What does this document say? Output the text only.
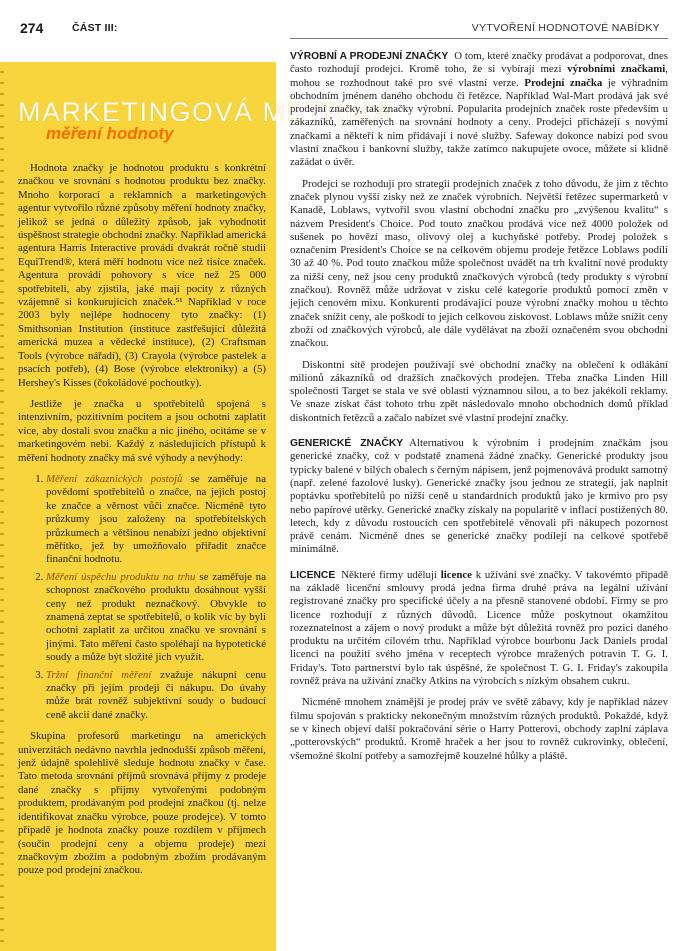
274	ČÁST III:	VYTVOŘENÍ HODNOTOVÉ NABÍDKY
MARKETINGOVÁ METRIKA
měření hodnoty

Hodnota značky je hodnotou produktu s konkrétní značkou ve srovnání s hodnotou produktu bez značky. Mnoho korporací a reklamních a marketingových agentur vytvořilo různé způsoby měření hodnoty značky, jelikož se jedná o důležitý způsob, jak vyhodnotit úspěšnost strategie obchodní značky. Například americká agentura Harris Interactive provádí dvakrát ročně studii EquiTrend®, která měří hodnotu více než tisíce značek. Agentura provádí pohovory s více než 25 000 spotřebiteli, aby zjistila, jaké mají pocity z různých vzájemně si konkurujících značek.⁵¹ Například v roce 2003 byly nejlépe hodnoceny tyto značky: (1) Smithsonian Institution (instituce zastřešující důležitá americká muzea a vědecké instituce), (2) Craftsman Tools (výrobce nářadí), (3) Crayola (výrobce pastelek a psacích potřeb), (4) Bose (výrobce elektroniky) a (5) Hershey's Kisses (čokoládové pochoutky).

Jestliže je značka u spotřebitelů spojená s intenzivním, pozitivním pocitem a jsou ochotni zaplatit více, aby dostali svou značku a nic jiného, ocitáme se v marketingovém nebi. Každý z následujících přístupů k měření hodnoty značky má své výhody a nevýhody:

1. Měření zákaznických postojů se zaměřuje na povědomí spotřebitelů o značce, na jejich postoj ke značce a věrnost vůči značce. Nicméně tyto průzkumy jsou založeny na spotřebitelských průzkumech a většinou nenabízí jedno objektivní měřítko, jež by umožňovalo přiřadit značce finanční hodnotu.
2. Měření úspěchu produktu na trhu se zaměřuje na schopnost značkového produktu dosáhnout vyšší ceny než produkt neznačkový. Obvykle to znamená zeptat se spotřebitelů, o kolik víc by byli ochotni zaplatit za určitou značku ve srovnání s jinými. Tato měření často spoléhají na hypotetické soudy a může být složité jich využít.
3. Tržní finanční měření zvažuje nákupní cenu značky při jejím prodeji či nákupu. Do úvahy může brát rovněž subjektivní soudy o budoucí ceně akcií dané značky.

Skupina profesorů marketingu na amerických univerzitách nedávno navrhla jednodušší způsob měření, jenž údajně spolehlivě sleduje hodnotu značky v čase. Tato metoda srovnání příjmů srovnává příjmy z prodeje dané značky s příjmy vytvořenými podobným produktem, prodávaným pod prodejní značkou (tj. nelze identifikovat značku výrobce, pouze prodejce). V tomto případě je hodnota značky pouze rozdílem v příjmech (součin prodejní ceny a objemu prodeje) mezi značkovým zbožím a podobným zbožím prodávaným pouze pod prodejní značkou.

VÝROBNÍ A PRODEJNÍ ZNAČKY O tom, které značky prodávat a podporovat, dnes často rozhodují prodejci. Kromě toho, že si vybírají mezi výrobními značkami, mohou se rozhodnout také pro své vlastní verze. Prodejní značka je výhradním obchodním jménem daného obchodu či řetězce. Například Wal-Mart prodává jak své prodejní značky, tak značky výrobní. Popularita prodejních značek roste především u zákazníků, zaměřených na srovnání hodnoty a ceny. Prodejci přicházejí s novými značkami a někteří k nim přidávají i nové služby. Safeway dokonce nabízí pod svou vlastní značkou i bankovní služby, takže zatímco nakupujete ovoce, můžete si klidně zažádat o úvěr.

Prodejci se rozhodují pro strategii prodejních značek z toho důvodu, že jim z těchto značek plynou vyšší zisky než ze značek výrobních. Největší řetězec supermarketů v Kanadě, Loblaws, vytvořil svou vlastní obchodní značku pro „zvýšenou kvalitu“ s názvem President's Choice. Pod touto značkou prodává více než 4000 položek od sušenek po hovězí maso, olivový olej a kuchyňské potřeby. Prodej položek s označením President's Choice se na celkovém objemu prodeje řetězce Loblaws podílí 30 až 40 %. Pod touto značkou může společnost uvádět na trh kvalitní nové produkty za nižší ceny, než jsou ceny produktů značkových výrobců (tedy produkty s výrobní značkou). Rovněž může udržovat v zisku celé kategorie produktů pomocí změn v jejich cenovém mixu. Konkurenti prodávající pouze výrobní značky mohou u těchto značek snížit ceny, ale poškodí to jejich celkovou ziskovost. Loblaws může snížit ceny zboží od značkových výrobců, ale dále vydělávat na zboží označeném svou obchodní značkou.

Diskontní sítě prodejen používají své obchodní značky na oblečení k odlákání milionů zákazníků od dražších značkových prodejen. Třeba značka Linden Hill společnosti Target se stala ve své oblasti významnou silou, a to bez jakékoli reklamy. Ve snaze získat část tohoto trhu zpět následovalo mnoho obchodních domů příklad diskontních řetězců a začalo nabízet své vlastní prodejní značky.

GENERICKÉ ZNAČKY Alternativou k výrobním i prodejním značkám jsou generické značky, což v podstatě znamená žádné značky. Generické produkty jsou typicky balené v bílých obalech s černým nápisem, jenž pojmenovává produkt samotný (např. zelené fazolové lusky). Generické značky jsou jednou ze strategií, jak naplnit poptávku spotřebitelů po nižší ceně u standardních produktů jako je krmivo pro psy nebo papírové utěrky. Generické značky získaly na popularitě v inflací postižených 80. letech, kdy z důvodu rostoucích cen spotřebitelé věnovali při nákupech pozornost právě cenám. Nicméně dnes se generické značky podílejí na celkové spotřebě minimálně.

LICENCE Některé firmy udělují licence k užívání své značky. V takovémto případě na základě licenční smlouvy prodá jedna firma druhé práva na legální užívání registrované značky pro specifické účely a na přesně stanovené období. Firmy se pro licence rozhodují z různých důvodů. Licence může poskytnout okamžitou rozeznatelnost a zájem o nový produkt a může být důležitá rovněž pro pozici daného produktu na určitém cílovém trhu. Například výrobce bourbonu Jack Daniels prodal licenci na použití svého jména v receptech výrobce mražených potravin T. G. I. Friday's. Toto partnerství bylo tak úspěšné, že společnost T. G. I. Friday's zakoupila rovněž práva na užívání značky Atkins na výrobcích s nízkým obsahem cukru.

Nicméně mnohem známější je prodej práv ve světě zábavy, kdy je například název filmu spojován s prakticky nekonečným množstvím různých produktů. Pokaždé, když se v kinech objeví další pokračování série o Harry Potterovi, obchody zaplní záplava „potterovských“ produktů. Kromě hraček a her jsou to rovněž cukrovinky, oblečení, všemožné školní potřeby a samozřejmě kouzelné hůlky a pláště.
